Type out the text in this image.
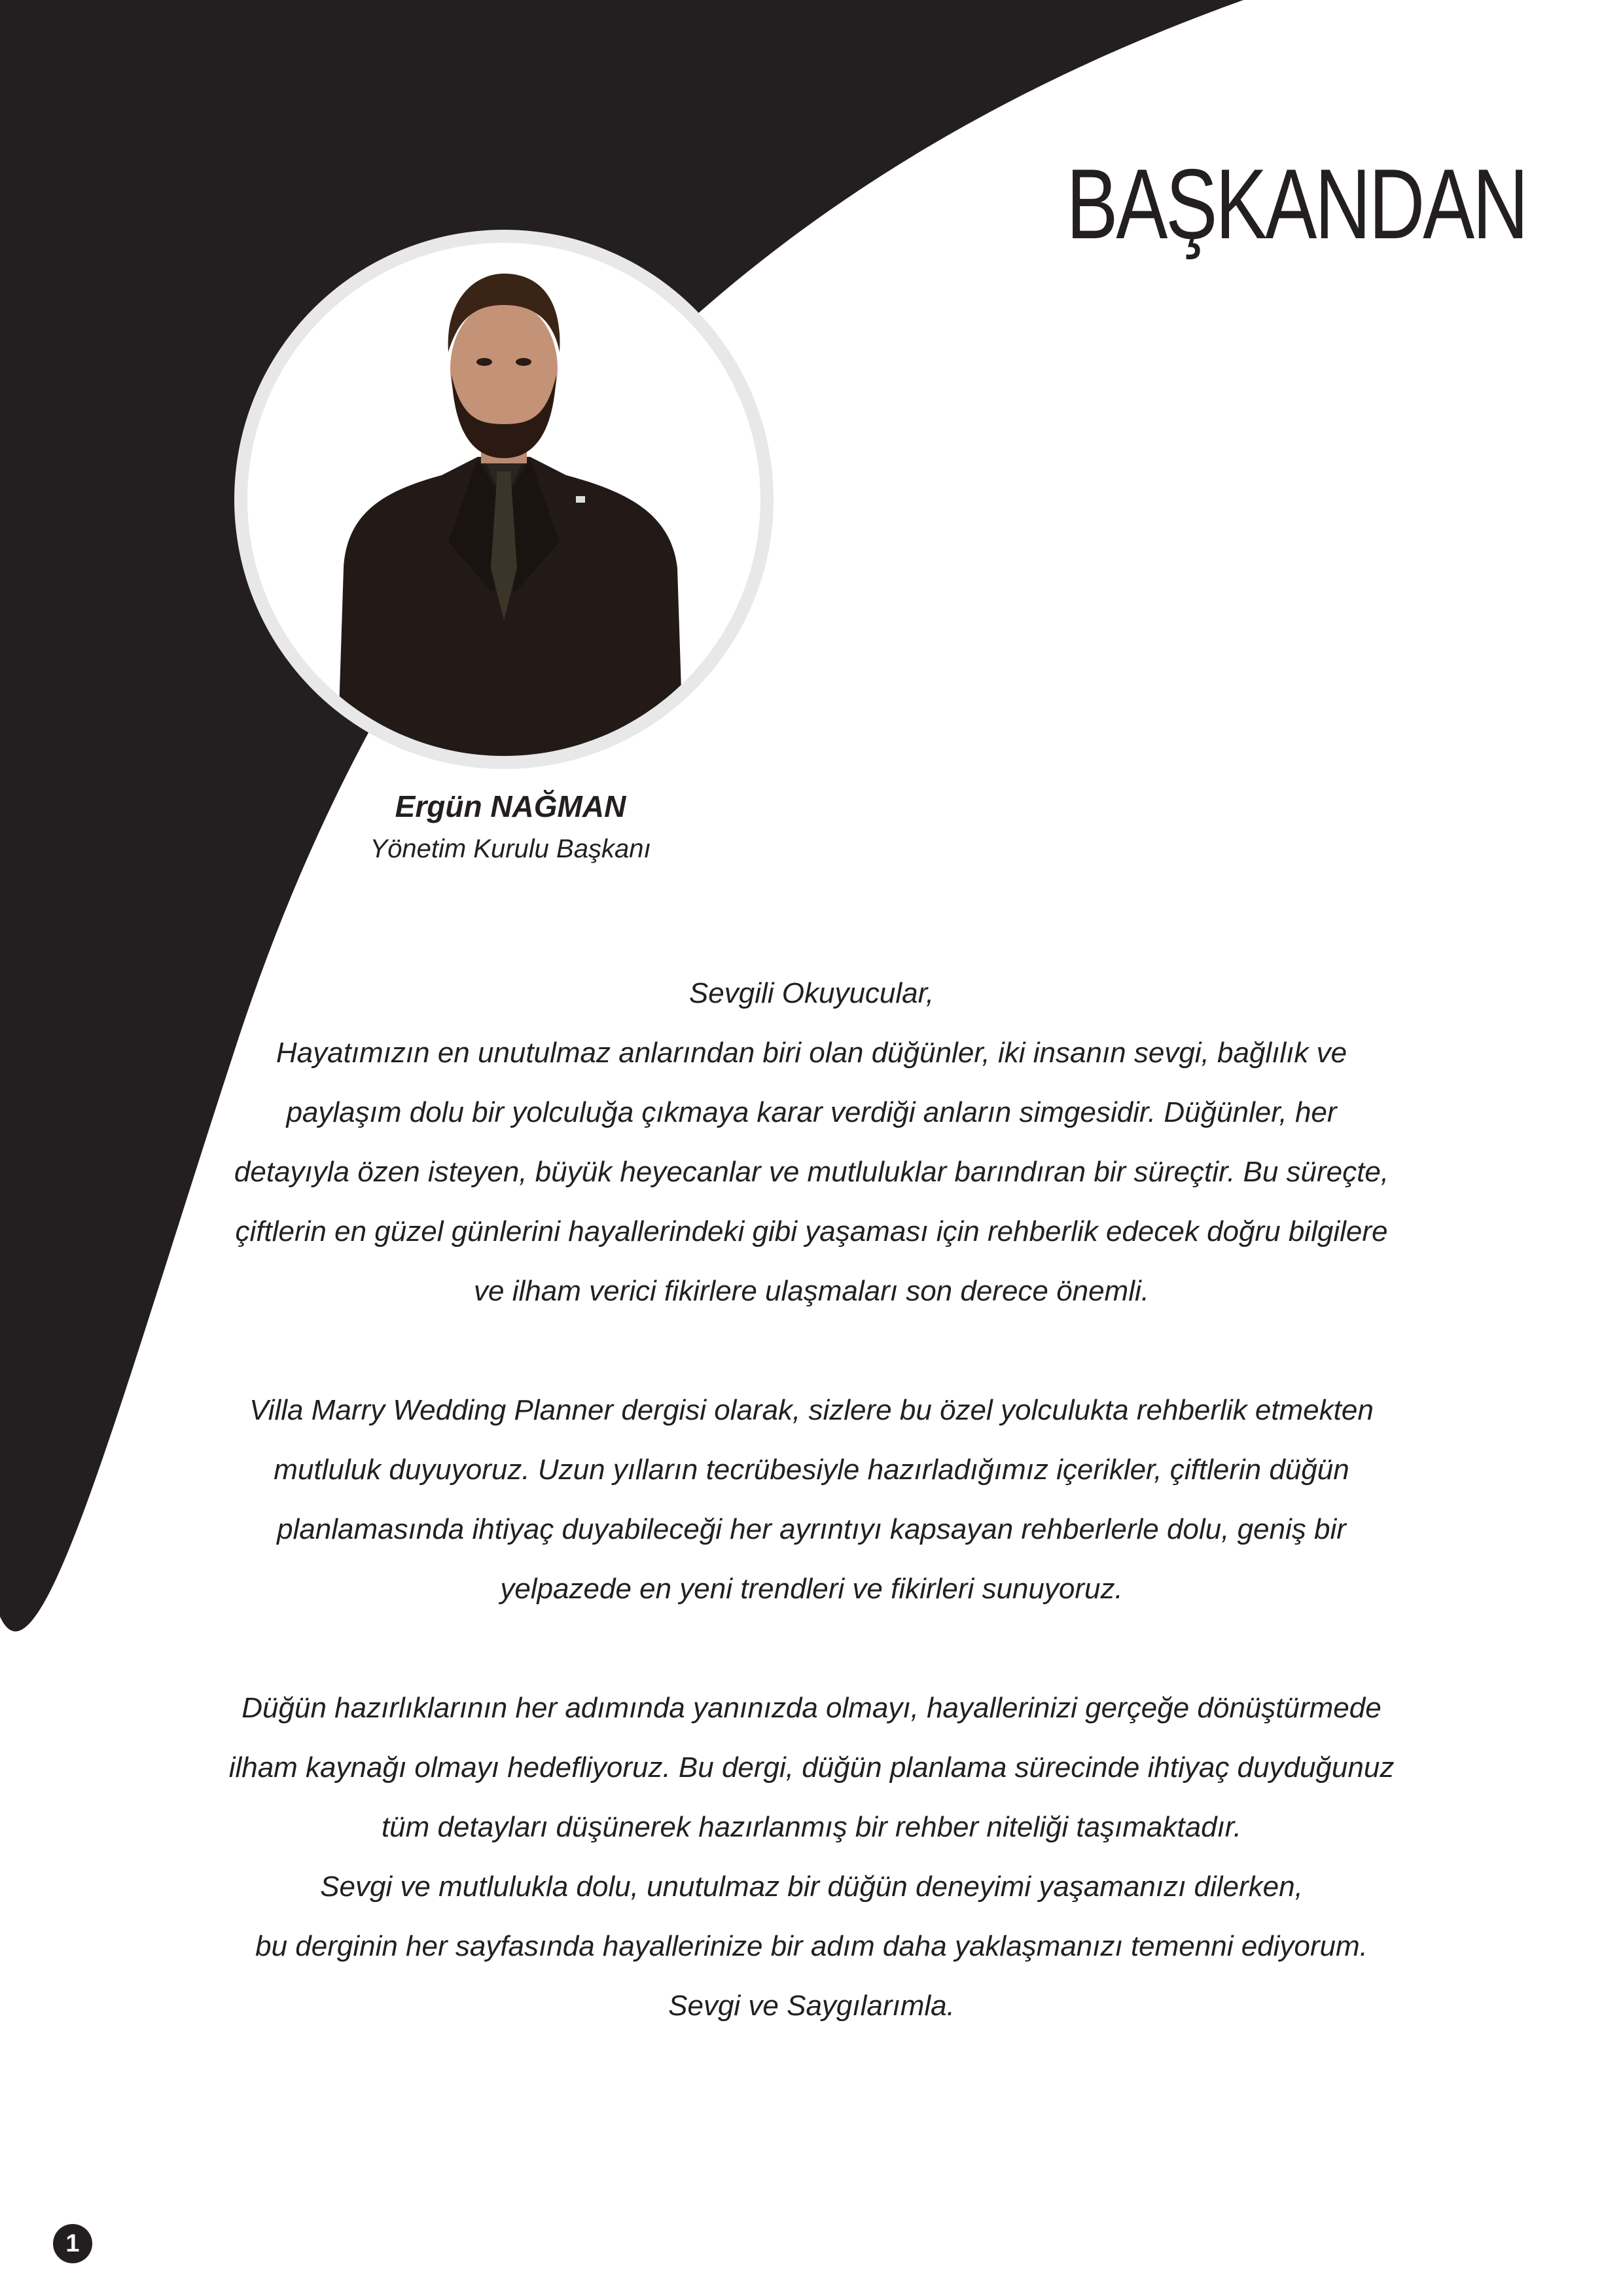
BAŞKANDAN
Ergün NAĞMAN
Yönetim Kurulu Başkanı
Sevgili Okuyucular,
Hayatımızın en unutulmaz anlarından biri olan düğünler, iki insanın sevgi, bağlılık ve
paylaşım dolu bir yolculuğa çıkmaya karar verdiği anların simgesidir. Düğünler, her
detayıyla özen isteyen, büyük heyecanlar ve mutluluklar barındıran bir süreçtir. Bu süreçte,
çiftlerin en güzel günlerini hayallerindeki gibi yaşaması için rehberlik edecek doğru bilgilere
ve ilham verici fikirlere ulaşmaları son derece önemli.
Villa Marry Wedding Planner dergisi olarak, sizlere bu özel yolculukta rehberlik etmekten
mutluluk duyuyoruz. Uzun yılların tecrübesiyle hazırladığımız içerikler, çiftlerin düğün
planlamasında ihtiyaç duyabileceği her ayrıntıyı kapsayan rehberlerle dolu, geniş bir
yelpazede en yeni trendleri ve fikirleri sunuyoruz.
Düğün hazırlıklarının her adımında yanınızda olmayı, hayallerinizi gerçeğe dönüştürmede
ilham kaynağı olmayı hedefliyoruz. Bu dergi, düğün planlama sürecinde ihtiyaç duyduğunuz
tüm detayları düşünerek hazırlanmış bir rehber niteliği taşımaktadır.
Sevgi ve mutlulukla dolu, unutulmaz bir düğün deneyimi yaşamanızı dilerken,
bu derginin her sayfasında hayallerinize bir adım daha yaklaşmanızı temenni ediyorum.
Sevgi ve Saygılarımla.
1
